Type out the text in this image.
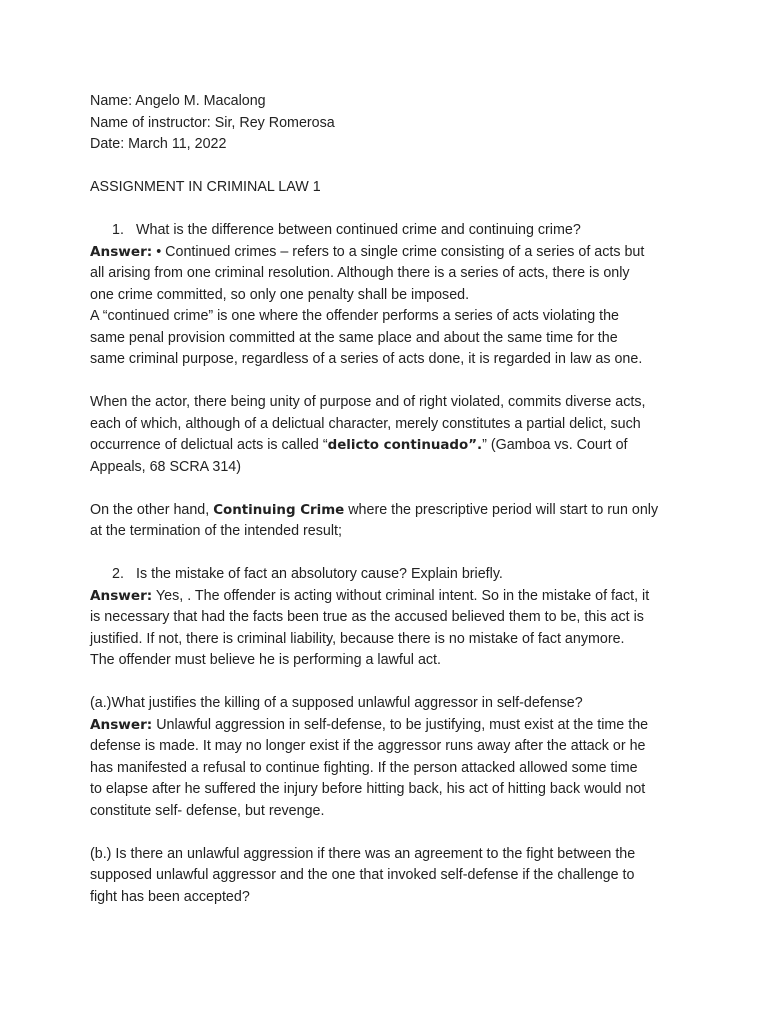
Name: Angelo M. Macalong
Name of instructor: Sir, Rey Romerosa
Date: March 11, 2022
ASSIGNMENT IN CRIMINAL LAW 1
1. What is the difference between continued crime and continuing crime?
Answer: • Continued crimes – refers to a single crime consisting of a series of acts but
all arising from one criminal resolution. Although there is a series of acts, there is only
one crime committed, so only one penalty shall be imposed.
A “continued crime” is one where the offender performs a series of acts violating the
same penal provision committed at the same place and about the same time for the
same criminal purpose, regardless of a series of acts done, it is regarded in law as one.
When the actor, there being unity of purpose and of right violated, commits diverse acts,
each of which, although of a delictual character, merely constitutes a partial delict, such
occurrence of delictual acts is called “delicto continuado”.” (Gamboa vs. Court of
Appeals, 68 SCRA 314)
On the other hand, Continuing Crime where the prescriptive period will start to run only
at the termination of the intended result;
2. Is the mistake of fact an absolutory cause? Explain briefly.
Answer: Yes, . The offender is acting without criminal intent. So in the mistake of fact, it
is necessary that had the facts been true as the accused believed them to be, this act is
justified. If not, there is criminal liability, because there is no mistake of fact anymore.
The offender must believe he is performing a lawful act.
(a.)What justifies the killing of a supposed unlawful aggressor in self-defense?
Answer: Unlawful aggression in self-defense, to be justifying, must exist at the time the
defense is made. It may no longer exist if the aggressor runs away after the attack or he
has manifested a refusal to continue fighting. If the person attacked allowed some time
to elapse after he suffered the injury before hitting back, his act of hitting back would not
constitute self- defense, but revenge.
(b.) Is there an unlawful aggression if there was an agreement to the fight between the
supposed unlawful aggressor and the one that invoked self-defense if the challenge to
fight has been accepted?
